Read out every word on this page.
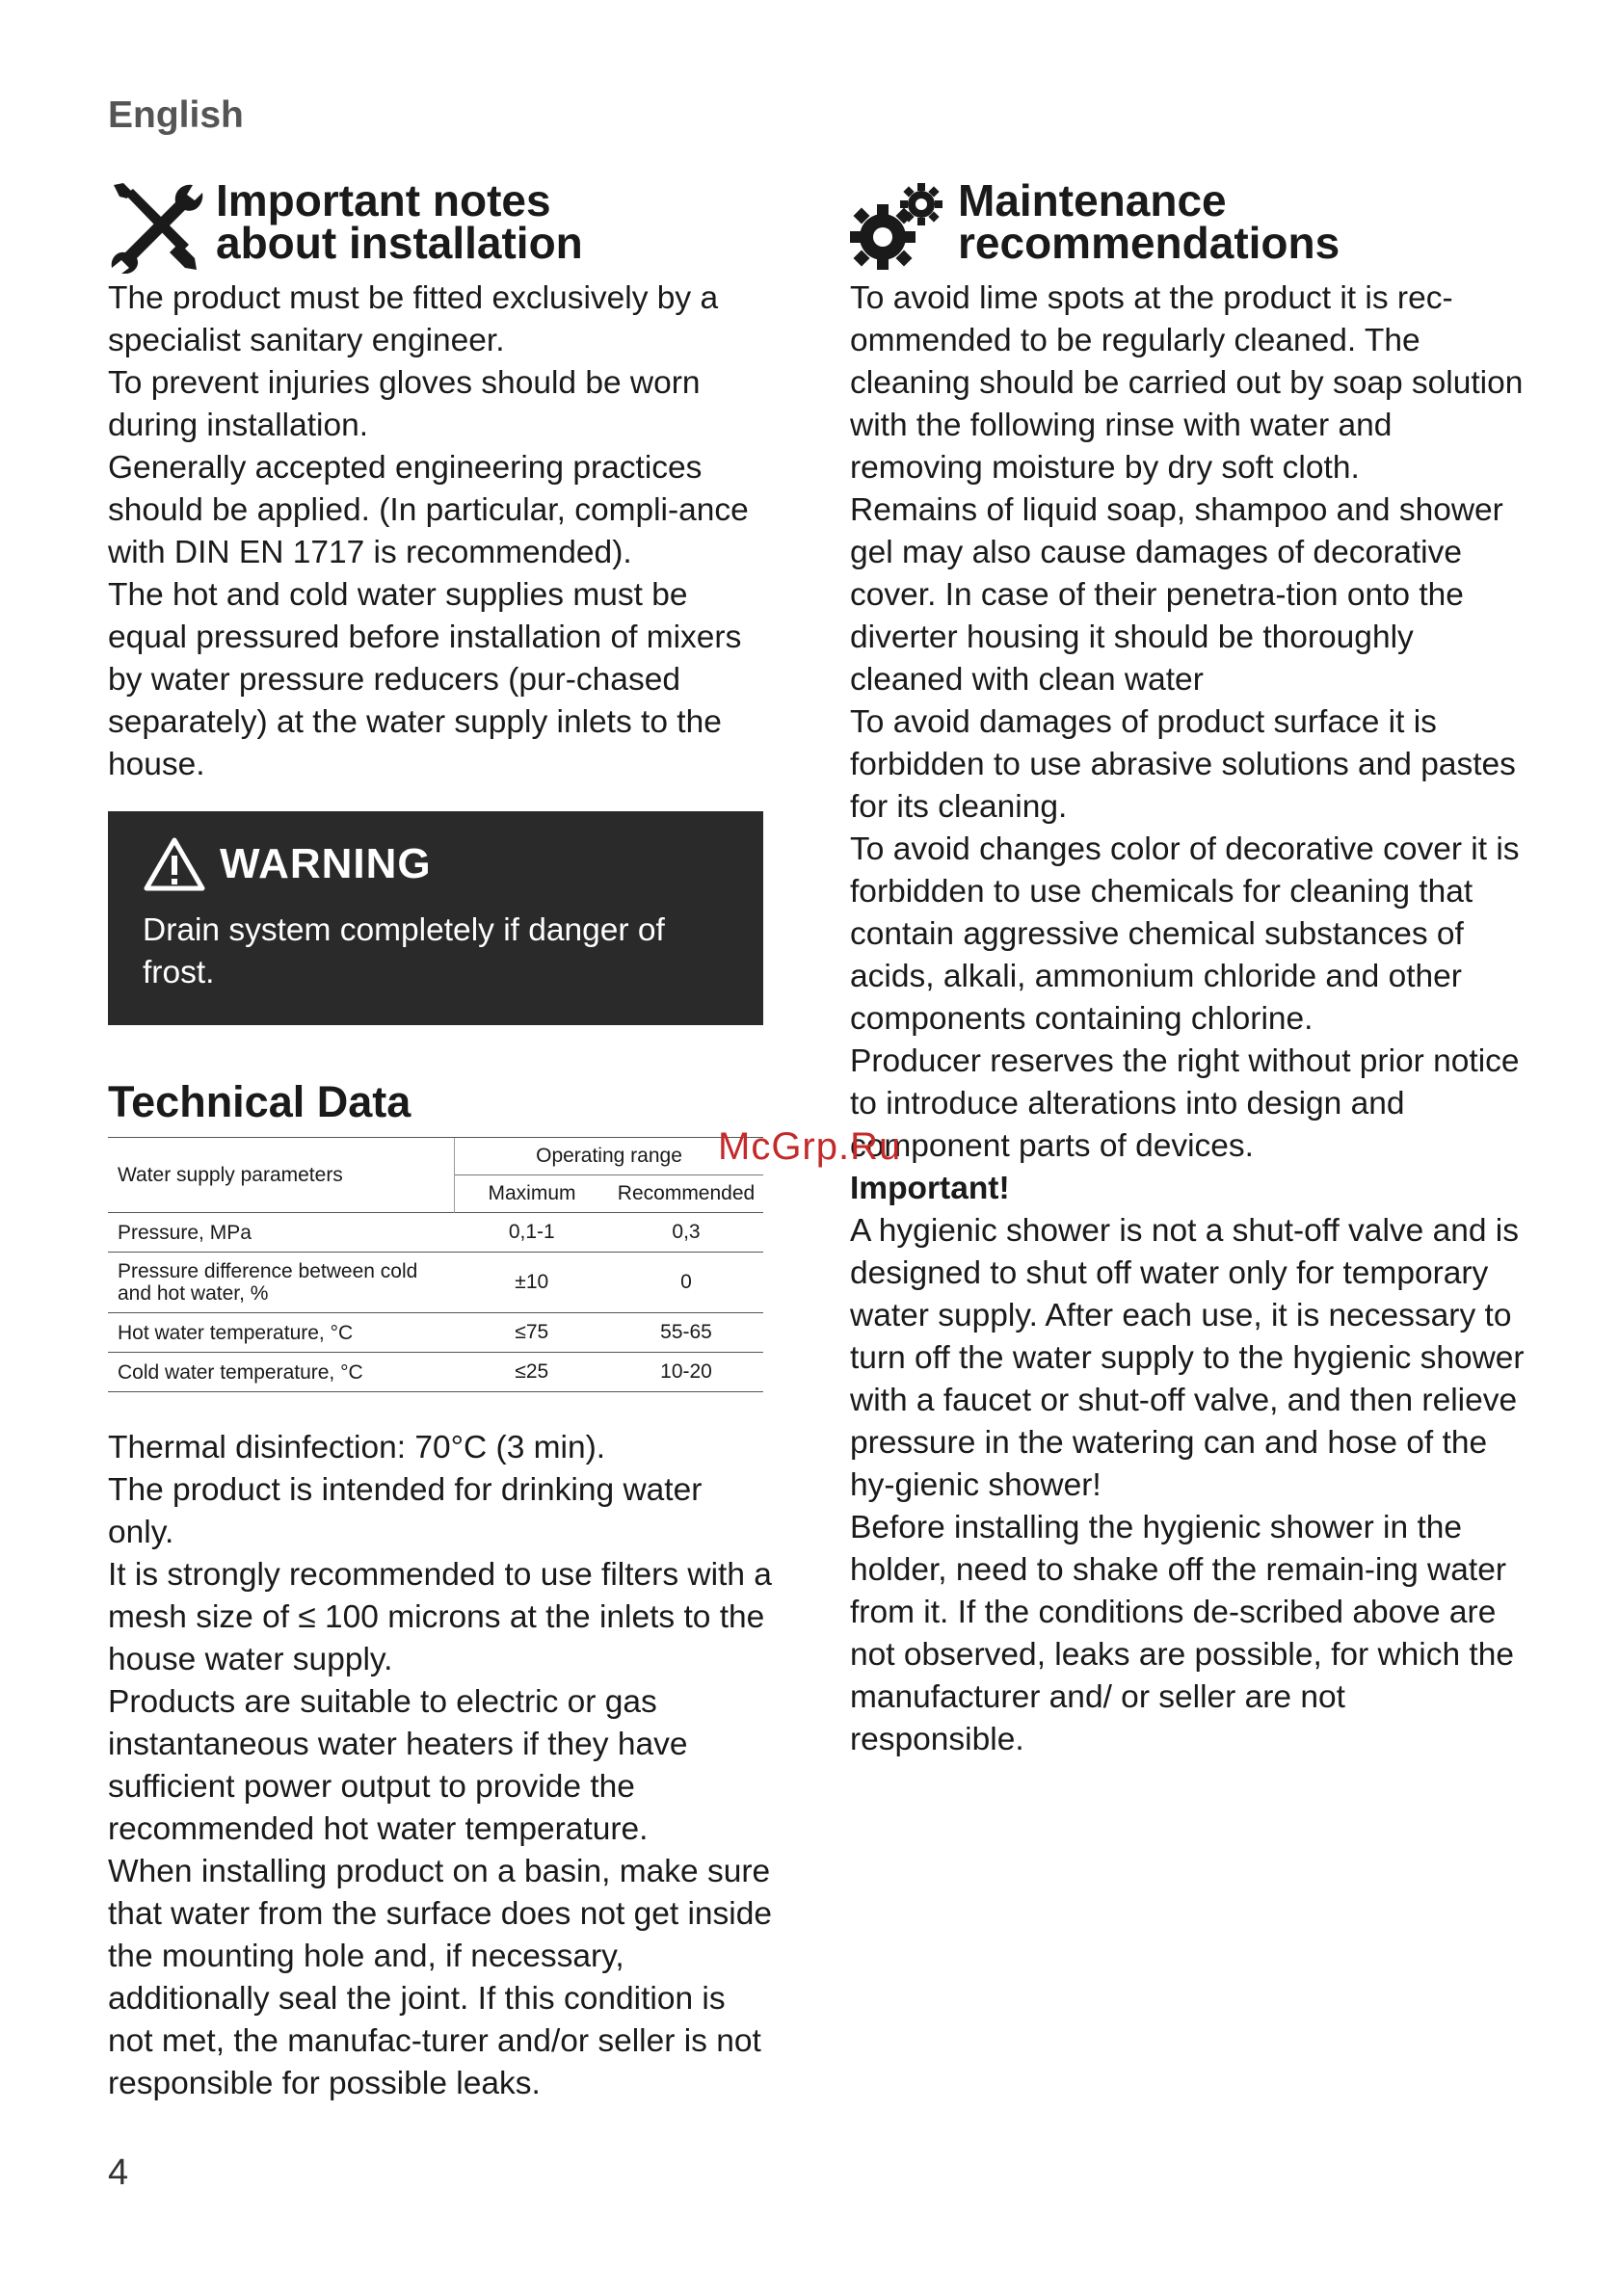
English
Important notes
about installation

The product must be fitted exclusively by a specialist sanitary engineer.

To prevent injuries gloves should be worn during installation.

Generally accepted engineering practices should be applied. (In particular, compli-ance with DIN EN 1717 is recommended).

The hot and cold water supplies must be equal pressured before installation of mixers by water pressure reducers (pur-chased separately) at the water supply inlets to the house.

WARNING
Drain system completely if danger of frost.
Technical Data
Water supply parameters	Operating range	
	Maximum	Recommended
Pressure, MPa	0,1-1	0,3

Pressure difference between cold and hot water, %	±10	0
Hot water temperature, °C	≤75	55-65
Cold water temperature, °C	≤25	10-20

Thermal disinfection: 70°C (3 min).

The product is intended for drinking water only.

It is strongly recommended to use filters with a mesh size of ≤ 100 microns at the inlets to the house water supply.

Products are suitable to electric or gas instantaneous water heaters if they have sufficient power output to provide the recommended hot water temperature.

When installing product on a basin, make sure that water from the surface does not get inside the mounting hole and, if necessary, additionally seal the joint. If this condition is not met, the manufac-turer and/or seller is not responsible for possible leaks.

Maintenance
recommendations

To avoid lime spots at the product it is rec-ommended to be regularly cleaned. The cleaning should be carried out by soap solution with the following rinse with water and removing moisture by dry soft cloth.

Remains of liquid soap, shampoo and shower gel may also cause damages of decorative cover. In case of their penetra-tion onto the diverter housing it should be thoroughly cleaned with clean water

To avoid damages of product surface it is forbidden to use abrasive solutions and pastes for its cleaning.

To avoid changes color of decorative cover it is forbidden to use chemicals for cleaning that contain aggressive chemical substances of acids, alkali, ammonium chloride and other components containing chlorine.

Producer reserves the right without prior notice to introduce alterations into design and component parts of devices.

Important!

A hygienic shower is not a shut-off valve and is designed to shut off water only for temporary water supply. After each use, it is necessary to turn off the water supply to the hygienic shower with a faucet or shut-off valve, and then relieve pressure in the watering can and hose of the hy-gienic shower!

Before installing the hygienic shower in the holder, need to shake off the remain-ing water from it. If the conditions de-scribed above are not observed, leaks are possible, for which the manufacturer and/ or seller are not responsible.

McGrp.Ru
4
